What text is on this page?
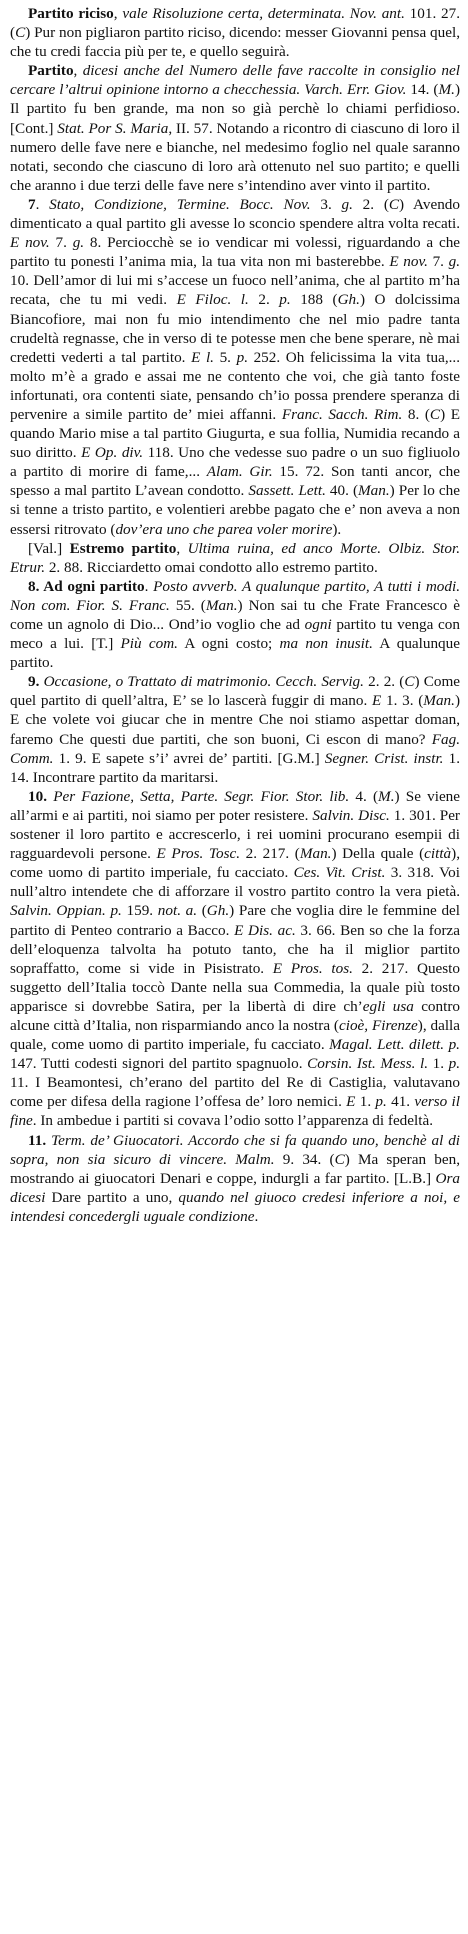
Partito riciso, vale Risoluzione certa, determinata. Nov. ant. 101. 27. (C) Pur non pigliaron partito riciso, dicendo: messer Giovanni pensa quel, che tu credi faccia più per te, e quello seguirà.

Partito, dicesi anche del Numero delle fave raccolte in consiglio nel cercare l’altrui opinione intorno a checchessia. Varch. Err. Giov. 14. (M.) Il partito fu ben grande, ma non so già perchè lo chiami perfidioso. [Cont.] Stat. Por S. Maria, II. 57. Notando a ricontro di ciascuno di loro il numero delle fave nere e bianche, nel medesimo foglio nel quale saranno notati, secondo che ciascuno di loro arà ottenuto nel suo partito; e quelli che aranno i due terzi delle fave nere s’intendino aver vinto il partito.

7. Stato, Condizione, Termine. Bocc. Nov. 3. g. 2. (C) Avendo dimenticato a qual partito gli avesse lo sconcio spendere altra volta recati. E nov. 7. g. 8. Perciocchè se io vendicar mi volessi, riguardando a che partito tu ponesti l’anima mia, la tua vita non mi basterebbe. E nov. 7. g. 10. Dell’amor di lui mi s’accese un fuoco nell’anima, che al partito m’ha recata, che tu mi vedi. E Filoc. l. 2. p. 188 (Gh.) O dolcissima Biancofiore, mai non fu mio intendimento che nel mio padre tanta crudeltà regnasse, che in verso di te potesse men che bene sperare, nè mai credetti vederti a tal partito. E l. 5. p. 252. Oh felicissima la vita tua,... molto m’è a grado e assai me ne contento che voi, che già tanto foste infortunati, ora contenti siate, pensando ch’io possa prendere speranza di pervenire a simile partito de’ miei affanni. Franc. Sacch. Rim. 8. (C) E quando Mario mise a tal partito Giugurta, e sua follia, Numidia recando a suo diritto. E Op. div. 118. Uno che vedesse suo padre o un suo figliuolo a partito di morire di fame,... Alam. Gir. 15. 72. Son tanti ancor, che spesso a mal partito L’avean condotto. Sassett. Lett. 40. (Man.) Per lo che si tenne a tristo partito, e volentieri arebbe pagato che e’ non aveva a non essersi ritrovato (dov’era uno che parea voler morire).

[Val.] Estremo partito, Ultima ruina, ed anco Morte. Olbiz. Stor. Etrur. 2. 88. Ricciardetto omai condotto allo estremo partito.

8. Ad ogni partito. Posto avverb. A qualunque partito, A tutti i modi. Non com. Fior. S. Franc. 55. (Man.) Non sai tu che Frate Francesco è come un agnolo di Dio... Ond’io voglio che ad ogni partito tu venga con meco a lui. [T.] Più com. A ogni costo; ma non inusit. A qualunque partito.

9. Occasione, o Trattato di matrimonio. Cecch. Servig. 2. 2. (C) Come quel partito di quell’altra, E’ se lo lascerà fuggir di mano. E 1. 3. (Man.) E che volete voi giucar che in mentre Che noi stiamo aspettar doman, faremo Che questi due partiti, che son buoni, Ci escon di mano? Fag. Comm. 1. 9. E sapete s’i’ avrei de’ partiti. [G.M.] Segner. Crist. instr. 1. 14. Incontrare partito da maritarsi.

10. Per Fazione, Setta, Parte. Segr. Fior. Stor. lib. 4. (M.) Se viene all’armi e ai partiti, noi siamo per poter resistere. Salvin. Disc. 1. 301. Per sostener il loro partito e accrescerlo, i rei uomini procurano esempii di ragguardevoli persone. E Pros. Tosc. 2. 217. (Man.) Della quale (città), come uomo di partito imperiale, fu cacciato. Ces. Vit. Crist. 3. 318. Voi null’altro intendete che di afforzare il vostro partito contro la vera pietà. Salvin. Oppian. p. 159. not. a. (Gh.) Pare che voglia dire le femmine del partito di Penteo contrario a Bacco. E Dis. ac. 3. 66. Ben so che la forza dell’eloquenza talvolta ha potuto tanto, che ha il miglior partito sopraffatto, come si vide in Pisistrato. E Pros. tos. 2. 217. Questo suggetto dell’Italia toccò Dante nella sua Commedia, la quale più tosto apparisce si dovrebbe Satira, per la libertà di dire ch’egli usa contro alcune città d’Italia, non risparmiando anco la nostra (cioè, Firenze), dalla quale, come uomo di partito imperiale, fu cacciato. Magal. Lett. dilett. p. 147. Tutti codesti signori del partito spagnuolo. Corsin. Ist. Mess. l. 1. p. 11. I Beamontesi, ch’erano del partito del Re di Castiglia, valutavano come per difesa della ragione l’offesa de’ loro nemici. E 1. p. 41. verso il fine. In ambedue i partiti si covava l’odio sotto l’apparenza di fedeltà.

11. Term. de’ Giuocatori. Accordo che si fa quando uno, benchè al di sopra, non sia sicuro di vincere. Malm. 9. 34. (C) Ma speran ben, mostrando ai giuocatori Denari e coppe, indurgli a far partito. [L.B.] Ora dicesi Dare partito a uno, quando nel giuoco credesi inferiore a noi, e intendesi concedergli uguale condizione.
